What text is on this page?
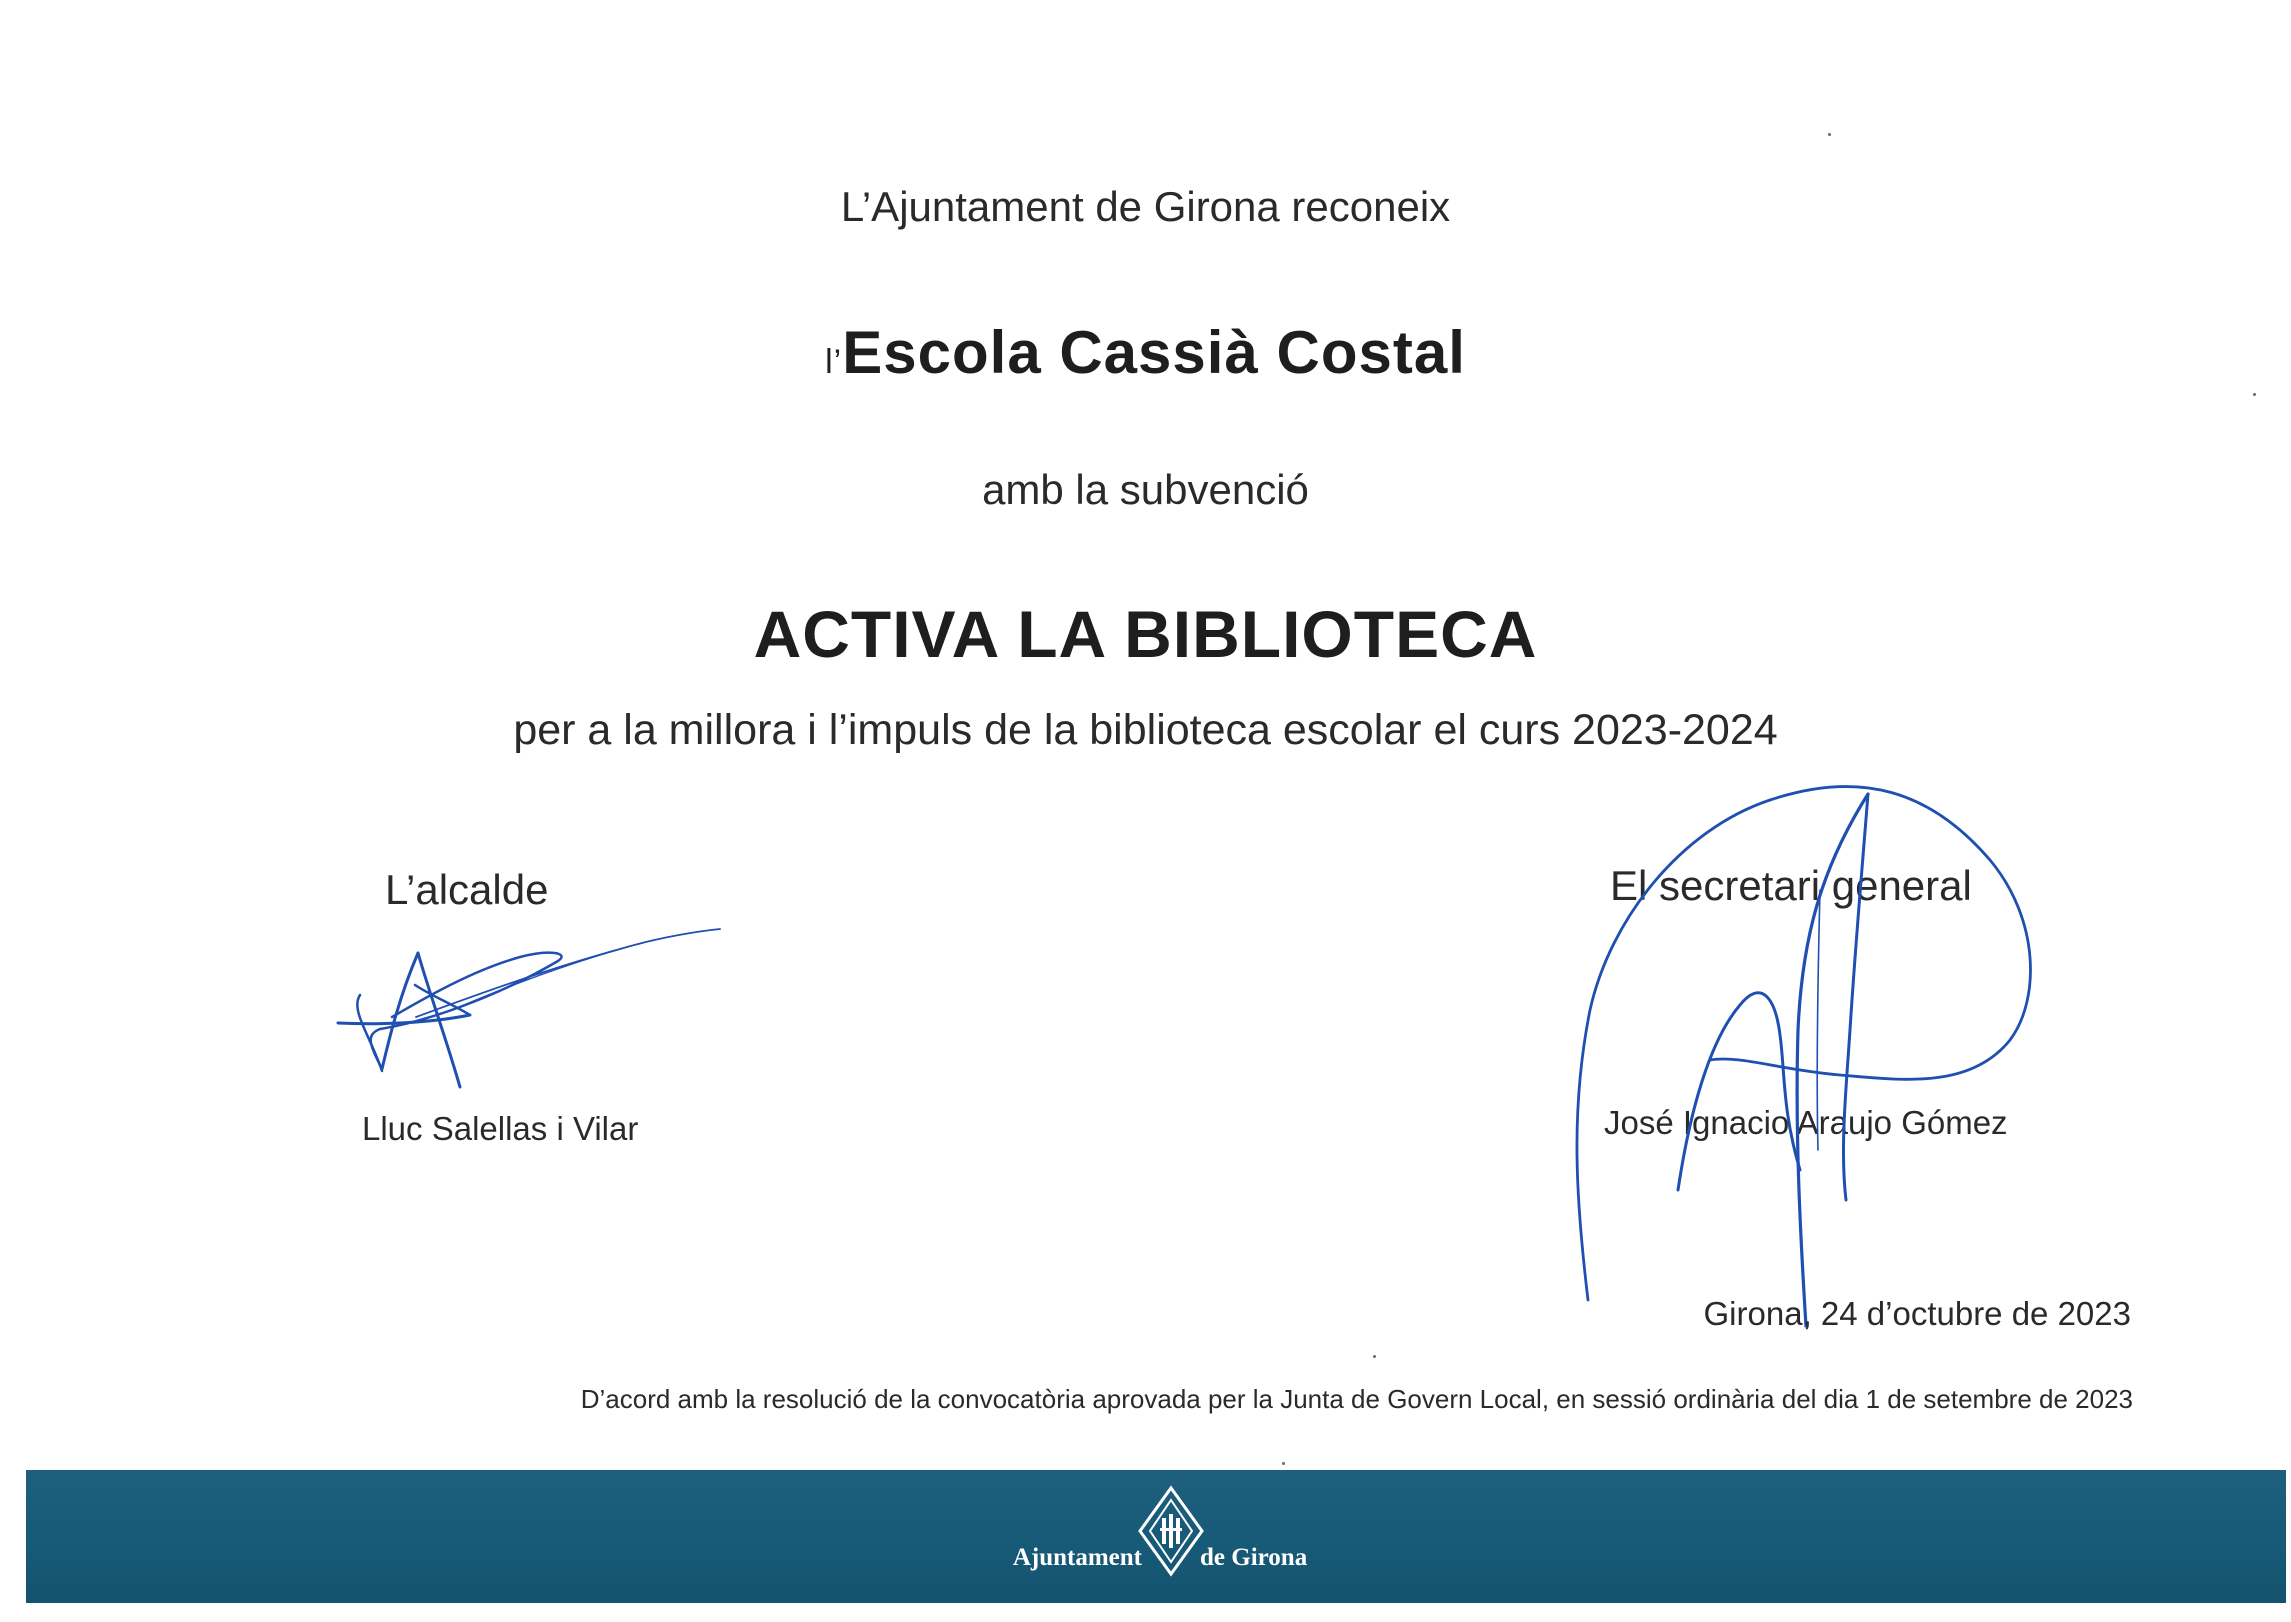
L’Ajuntament de Girona reconeix
l’Escola Cassià Costal
amb la subvenció
ACTIVA LA BIBLIOTECA
per a la millora i l’impuls de la biblioteca escolar el curs 2023-2024
L’alcalde
Lluc Salellas i Vilar
El secretari general
José Ignacio Araujo Gómez
Girona, 24 d’octubre de 2023
D’acord amb la resolució de la convocatòria aprovada per la Junta de Govern Local, en sessió ordinària del dia 1 de setembre de 2023
Ajuntament de Girona
